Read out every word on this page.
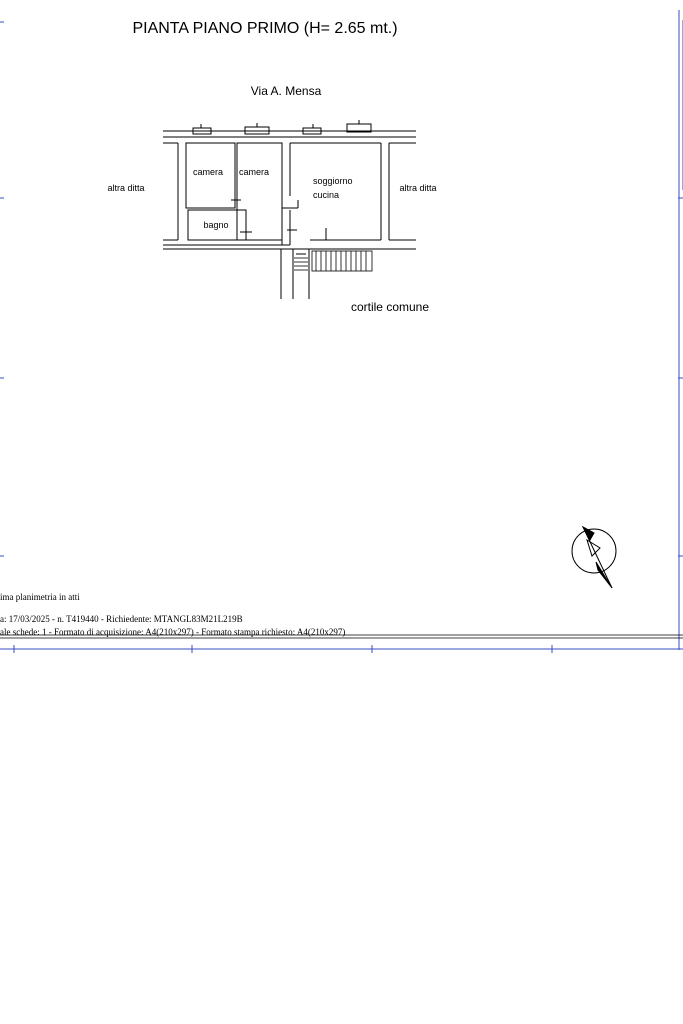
PIANTA PIANO PRIMO (H= 2.65 mt.)
Via A. Mensa
camera camera
soggiorno
cucina
bagno
altra ditta	altra ditta
cortile comune
ima planimetria in atti
a: 17/03/2025 - n. T419440 - Richiedente: MTANGL83M21L219B
ale schede: 1 - Formato di acquisizione: A4(210x297) - Formato stampa richiesto: A4(210x297)
